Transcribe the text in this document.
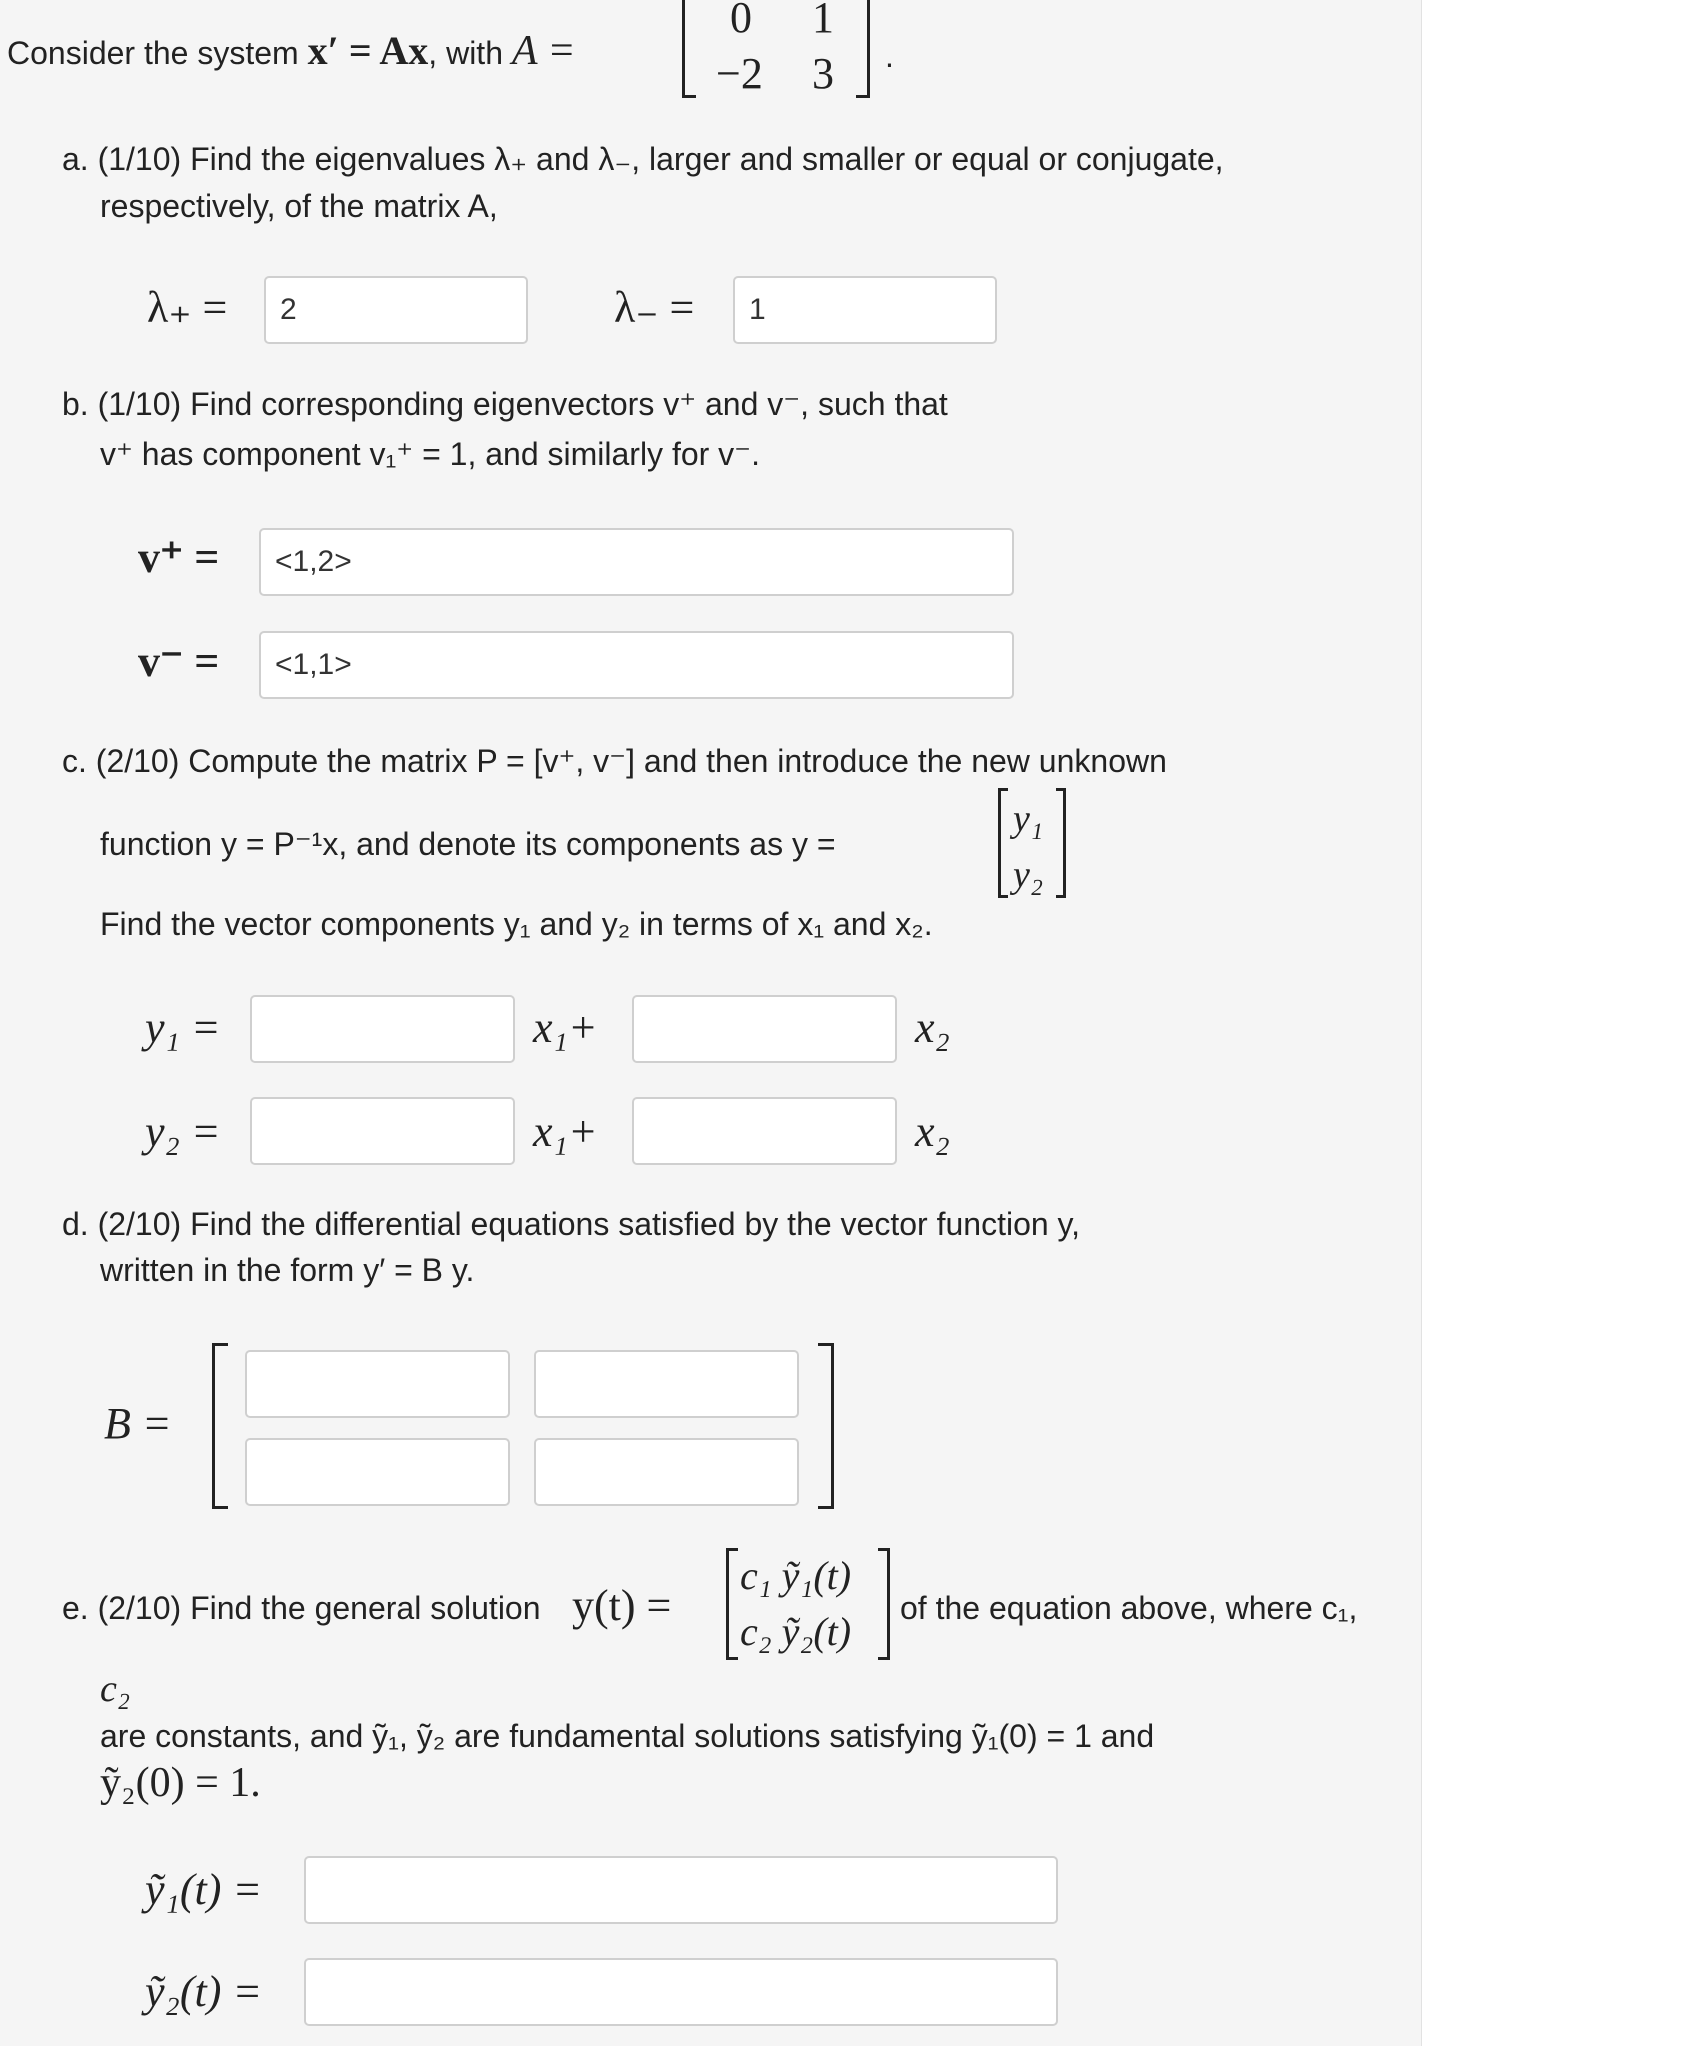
Consider the system x′ = Ax, with A =
0 1
−2 3 .
a. (1/10) Find the eigenvalues λ₊ and λ₋, larger and smaller or equal or conjugate,
respectively, of the matrix A,
λ₊ =
2	λ₋ =
1
b. (1/10) Find corresponding eigenvectors v⁺ and v⁻, such that
v⁺ has component v₁⁺ = 1, and similarly for v⁻.
v⁺ =
<1,2>
v⁻ =
<1,1>
c. (2/10) Compute the matrix P = [v⁺, v⁻] and then introduce the new unknown
function y = P⁻¹x, and denote its components as y =
y₁
y₂
Find the vector components y₁ and y₂ in terms of x₁ and x₂.
y₁ =	x₁+	x₂
y₂ =	x₁+	x₂
d. (2/10) Find the differential equations satisfied by the vector function y,
written in the form y′ = B y.
B =
e. (2/10) Find the general solution y(t) =
c₁ ỹ₁(t)
c₂ ỹ₂(t)
of the equation above, where c₁,
c₂
are constants, and ỹ₁, ỹ₂ are fundamental solutions satisfying ỹ₁(0) = 1 and
ỹ₂(0) = 1.
ỹ₁(t) =
ỹ₂(t) =
